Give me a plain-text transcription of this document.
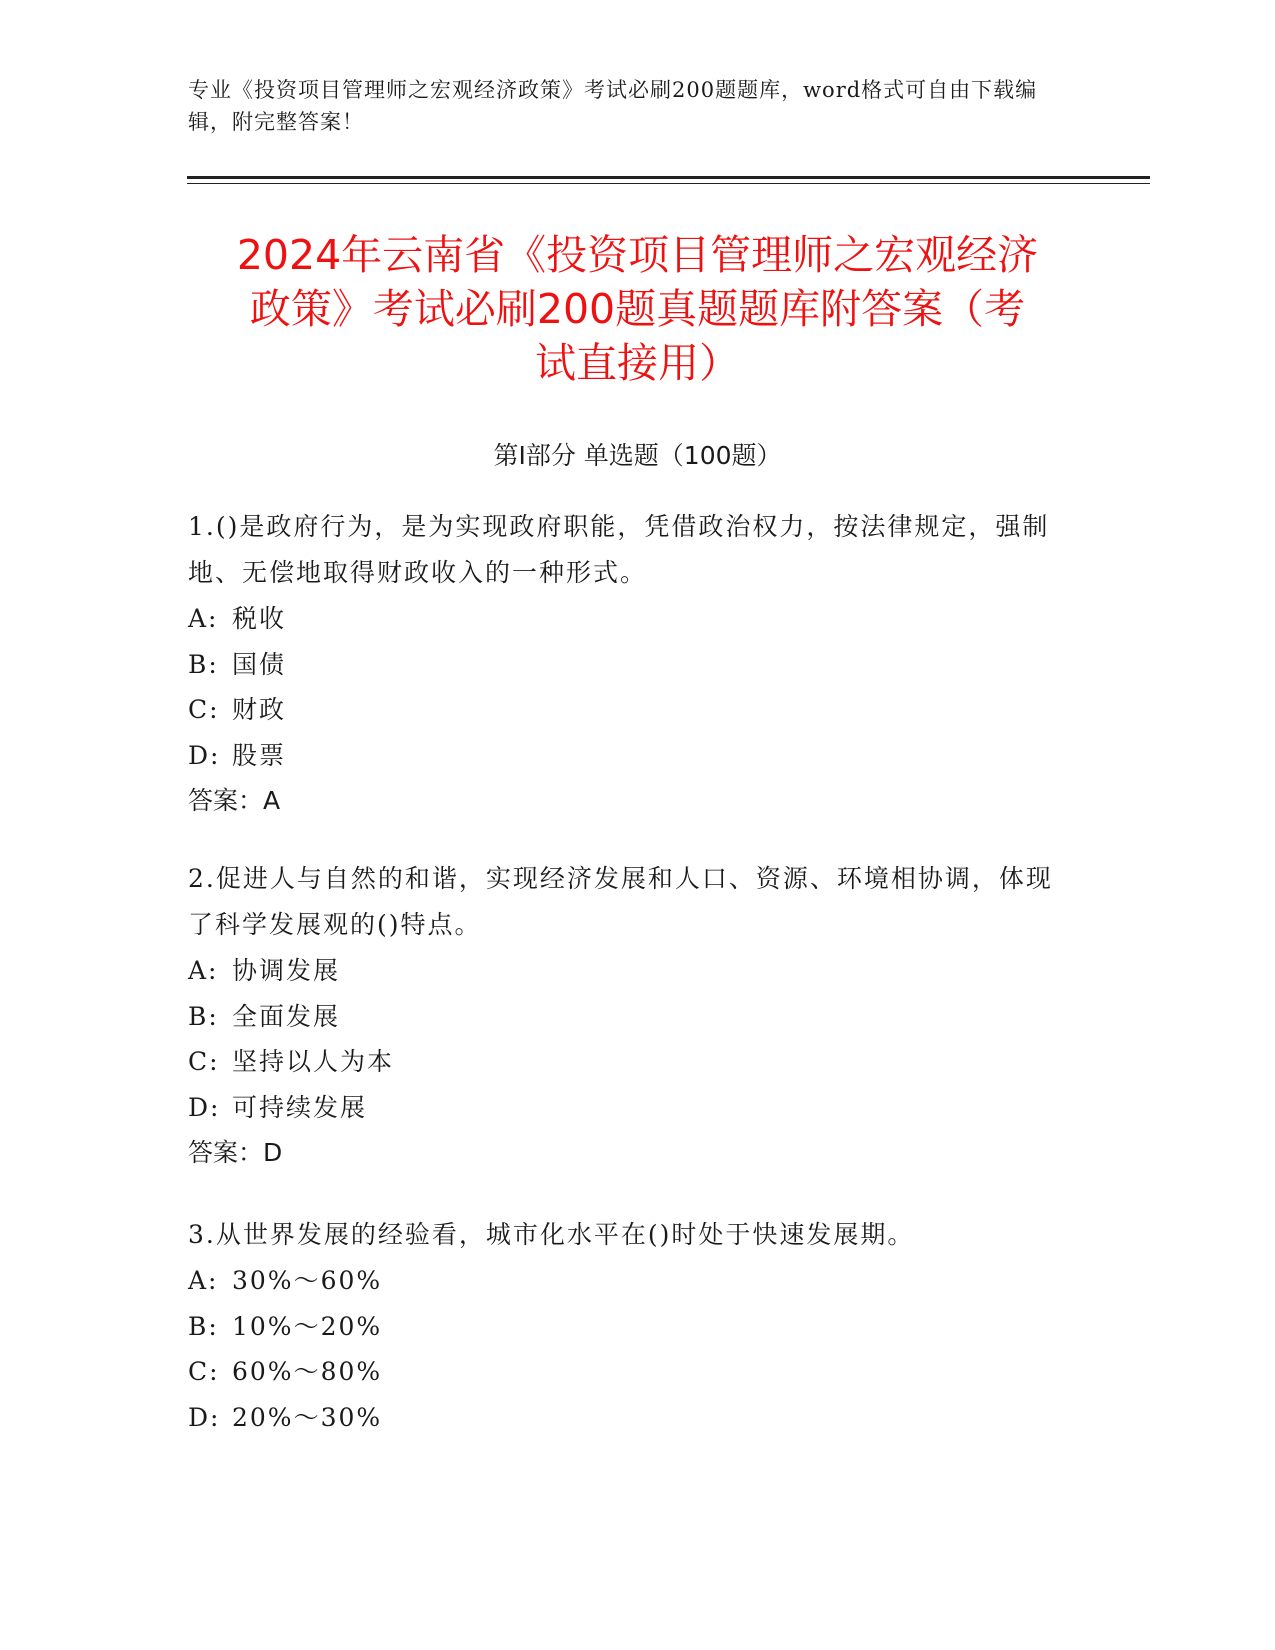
专业《投资项目管理师之宏观经济政策》考试必刷200题题库，word格式可自由下载编辑，附完整答案！
2024年云南省《投资项目管理师之宏观经济
政策》考试必刷200题真题题库附答案（考
试直接用）
第Ⅰ部分 单选题（100题）
1.()是政府行为，是为实现政府职能，凭借政治权力，按法律规定，强制地、无偿地取得财政收入的一种形式。
A: 税收
B: 国债
C: 财政
D: 股票
答案：A
2.促进人与自然的和谐，实现经济发展和人口、资源、环境相协调，体现了科学发展观的()特点。
A: 协调发展
B: 全面发展
C: 坚持以人为本
D: 可持续发展
答案：D
3.从世界发展的经验看，城市化水平在()时处于快速发展期。
A: 30%～60%
B: 10%～20%
C: 60%～80%
D: 20%～30%
